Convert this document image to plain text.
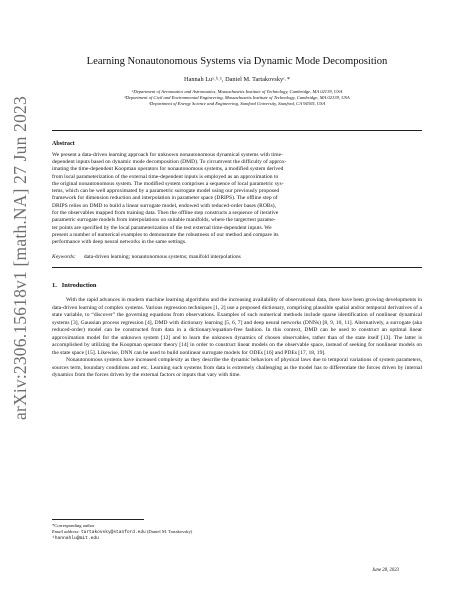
arXiv:2306.15618v1 [math.NA] 27 Jun 2023
Learning Nonautonomous Systems via Dynamic Mode Decomposition
Hannah Luᵃ˒ᵇ˒¹, Daniel M. Tartakovskyᶜ˒*
ᵃDepartment of Aeronautics and Astronautics, Massachusetts Institute of Technology, Cambridge, MA 02139, USA
ᵇDepartment of Civil and Environmental Engineering, Massachusetts Institute of Technology, Cambridge, MA 02139, USA
ᶜDepartment of Energy Science and Engineering, Stanford University, Stanford, CA 94305, USA
Abstract
We present a data-driven learning approach for unknown nonautonomous dynamical systems with time-
dependent inputs based on dynamic mode decomposition (DMD). To circumvent the difficulty of approx-
imating the time-dependent Koopman operators for nonautonomous systems, a modified system derived
from local parameterization of the external time-dependent inputs is employed as an approximation to
the original nonautonomous system. The modified system comprises a sequence of local parametric sys-
tems, which can be well approximated by a parametric surrogate model using our previously proposed
framework for dimension reduction and interpolation in parameter space (DRIPS). The offline step of
DRIPS relies on DMD to build a linear surrogate model, endowed with reduced-order bases (ROBs),
for the observables mapped from training data. Then the offline step constructs a sequence of iterative
parametric surrogate models from interpolations on suitable manifolds, where the target/test parame-
ter points are specified by the local parameterization of the test external time-dependent inputs. We
present a number of numerical examples to demonstrate the robustness of our method and compare its
performance with deep neural networks in the same settings.
Keywords: data-driven learning; nonautonomous systems; manifold interpolations
1. Introduction

With the rapid advances in modern machine learning algorithms and the increasing availability of observational data, there have been growing developments in data-driven learning of complex systems. Various regression techniques [1, 2] use a proposed dictionary, comprising plausible spatial and/or temporal derivatives of a state variable, to “discover” the governing equations from observations. Examples of such numerical methods include sparse identification of nonlinear dynamical systems [3], Gaussian process regression [4], DMD with dictionary learning [5, 6, 7] and deep neural networks (DNNs) [8, 9, 10, 11]. Alternatively, a surrogate (aka reduced-order) model can be constructed from data in a dictionary/equation-free fashion. In this context, DMD can be used to construct an optimal linear approximation model for the unknown system [12] and to learn the unknown dynamics of chosen observables, rather than of the state itself [13]. The latter is accomplished by utilizing the Koopman operator theory [14] in order to construct linear models on the observable space, instead of seeking for nonlinear models on the state space [15]. Likewise, DNN can be used to build nonlinear surrogate models for ODEs [16] and PDEs [17, 18, 19].

Nonautonomous systems have increased complexity as they describe the dynamic behaviors of physical laws due to temporal variations of system parameters, sources term, boundary conditions and etc. Learning such systems from data is extremely challenging as the model has to differentiate the forces driven by internal dynamics from the forces driven by the external factors or inputs that vary with time.

*Corresponding author
Email address: tartakovsky@stanford.edu (Daniel M. Tartakovsky)
¹hannahlu@mit.edu
June 28, 2023
